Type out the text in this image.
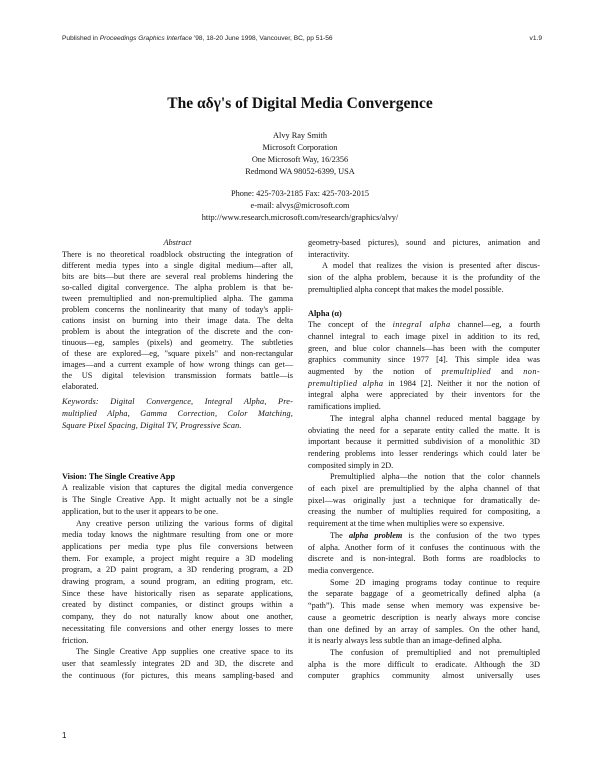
Published in Proceedings Graphics Interface '98, 18-20 June 1998, Vancouver, BC, pp 51-56	v1.9
The αδγ's of Digital Media Convergence
Alvy Ray Smith
Microsoft Corporation
One Microsoft Way, 16/2356
Redmond WA 98052-6399, USA
Phone: 425-703-2185 Fax: 425-703-2015
e-mail: alvys@microsoft.com
http://www.research.microsoft.com/research/graphics/alvy/
Abstract
There is no theoretical roadblock obstructing the integration of
different media types into a single digital medium—after all,
bits are bits—but there are several real problems hindering the
so-called digital convergence. The alpha problem is that be-
tween premultiplied and non-premultiplied alpha. The gamma
problem concerns the nonlinearity that many of today's appli-
cations insist on burning into their image data. The delta
problem is about the integration of the discrete and the con-
tinuous—eg, samples (pixels) and geometry. The subtleties
of these are explored—eg, "square pixels" and non-rectangular
images—and a current example of how wrong things can get—
the US digital television transmission formats battle—is
elaborated.
Keywords: Digital Convergence, Integral Alpha, Pre-
multiplied Alpha, Gamma Correction, Color Matching,
Square Pixel Spacing, Digital TV, Progressive Scan.
Vision: The Single Creative App
A realizable vision that captures the digital media convergence
is The Single Creative App. It might actually not be a single
application, but to the user it appears to be one.
Any creative person utilizing the various forms of digital
media today knows the nightmare resulting from one or more
applications per media type plus file conversions between
them. For example, a project might require a 3D modeling
program, a 2D paint program, a 3D rendering program, a 2D
drawing program, a sound program, an editing program, etc.
Since these have historically risen as separate applications,
created by distinct companies, or distinct groups within a
company, they do not naturally know about one another,
necessitating file conversions and other energy losses to mere
friction.
The Single Creative App supplies one creative space to its
user that seamlessly integrates 2D and 3D, the discrete and
the continuous (for pictures, this means sampling-based and
geometry-based pictures), sound and pictures, animation and
interactivity.
A model that realizes the vision is presented after discus-
sion of the alpha problem, because it is the profundity of the
premultiplied alpha concept that makes the model possible.
Alpha (α)
The concept of the integral alpha channel—eg, a fourth
channel integral to each image pixel in addition to its red,
green, and blue color channels—has been with the computer
graphics community since 1977 [4]. This simple idea was
augmented by the notion of premultiplied and non-
premultiplied alpha in 1984 [2]. Neither it nor the notion of
integral alpha were appreciated by their inventors for the
ramifications implied.
The integral alpha channel reduced mental baggage by
obviating the need for a separate entity called the matte. It is
important because it permitted subdivision of a monolithic 3D
rendering problems into lesser renderings which could later be
composited simply in 2D.
Premultiplied alpha—the notion that the color channels
of each pixel are premultiplied by the alpha channel of that
pixel—was originally just a technique for dramatically de-
creasing the number of multiplies required for compositing, a
requirement at the time when multiplies were so expensive.
The alpha problem is the confusion of the two types
of alpha. Another form of it confuses the continuous with the
discrete and is non-integral. Both forms are roadblocks to
media convergence.
Some 2D imaging programs today continue to require
the separate baggage of a geometrically defined alpha (a
“path”). This made sense when memory was expensive be-
cause a geometric description is nearly always more concise
than one defined by an array of samples. On the other hand,
it is nearly always less subtle than an image-defined alpha.
The confusion of premultiplied and not premultipled
alpha is the more difficult to eradicate. Although the 3D
computer graphics community almost universally uses
1
